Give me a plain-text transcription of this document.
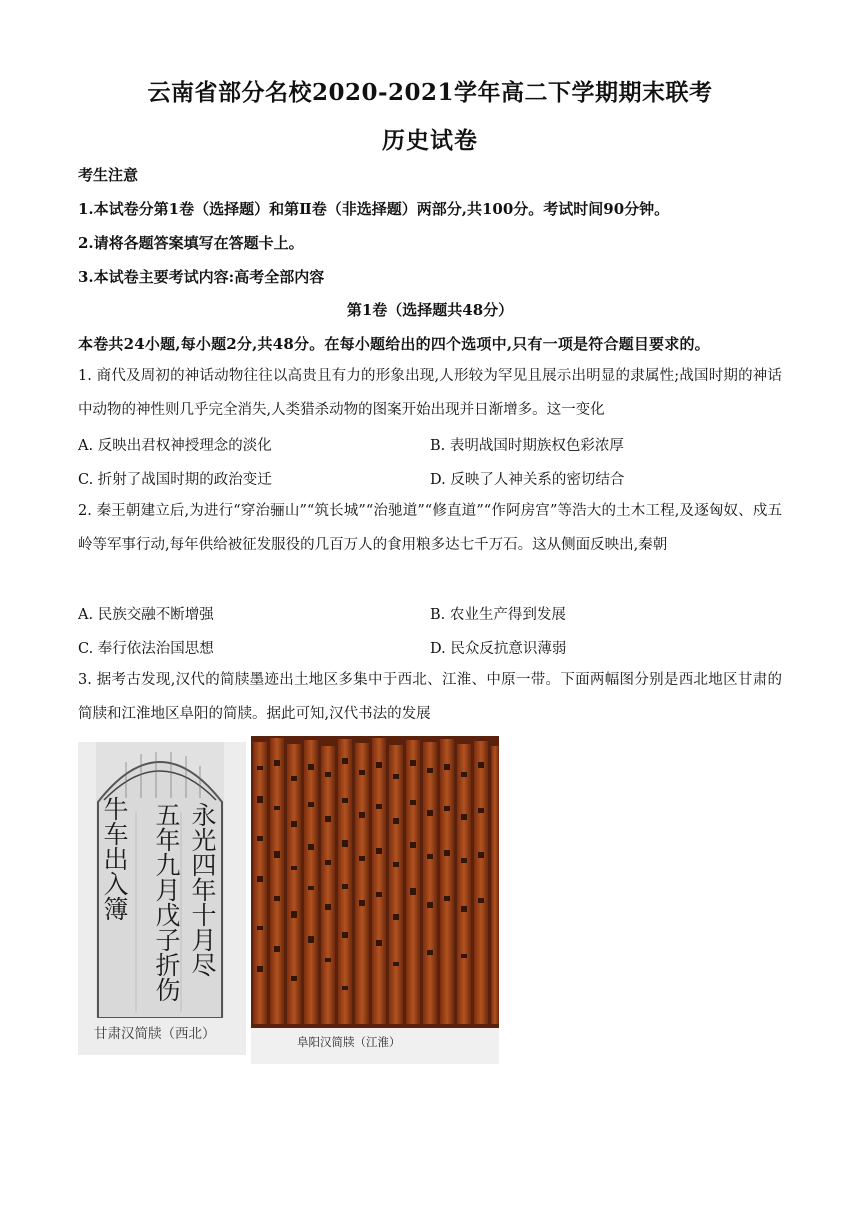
云南省部分名校2020-2021学年高二下学期期末联考
历史试卷
考生注意
1.本试卷分第1卷（选择题）和第Ⅱ卷（非选择题）两部分,共100分。考试时间90分钟。
2.请将各题答案填写在答题卡上。
3.本试卷主要考试内容:高考全部内容
第1卷（选择题共48分）
本卷共24小题,每小题2分,共48分。在每小题给出的四个选项中,只有一项是符合题目要求的。
1. 商代及周初的神话动物往往以高贵且有力的形象出现,人形较为罕见且展示出明显的隶属性;战国时期的神话中动物的神性则几乎完全消失,人类猎杀动物的图案开始出现并日渐增多。这一变化
A. 反映出君权神授理念的淡化	B. 表明战国时期族权色彩浓厚
C. 折射了战国时期的政治变迁	D. 反映了人神关系的密切结合
2. 秦王朝建立后,为进行“穿治骊山”“筑长城”“治驰道”“修直道”“作阿房宫”等浩大的土木工程,及逐匈奴、戍五岭等军事行动,每年供给被征发服役的几百万人的食用粮多达七千万石。这从侧面反映出,秦朝
A. 民族交融不断增强	B. 农业生产得到发展
C. 奉行依法治国思想	D. 民众反抗意识薄弱
3. 据考古发现,汉代的简牍墨迹出土地区多集中于西北、江淮、中原一带。下面两幅图分别是西北地区甘肃的简牍和江淮地区阜阳的简牍。据此可知,汉代书法的发展
永光四年十月尽
五年九月戊子折伤
牛车出入簿
甘肃汉简牍（西北）	阜阳汉简牍（江淮）
